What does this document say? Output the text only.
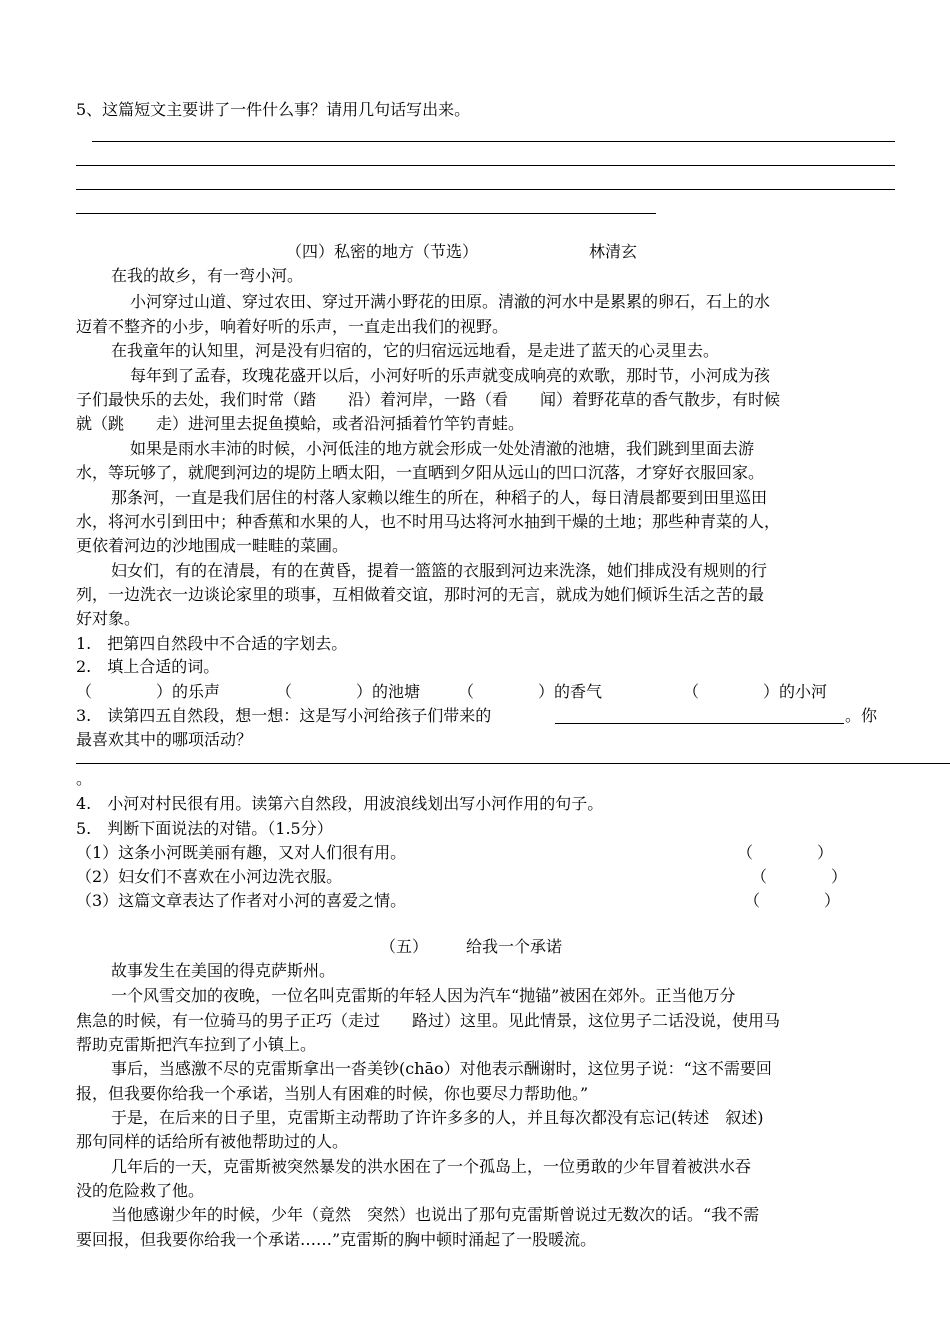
5、这篇短文主要讲了一件什么事？请用几句话写出来。
（四）私密的地方（节选）	林清玄
在我的故乡，有一弯小河。
小河穿过山道、穿过农田、穿过开满小野花的田原。清澈的河水中是累累的卵石，石上的水
迈着不整齐的小步，响着好听的乐声，一直走出我们的视野。
在我童年的认知里，河是没有归宿的，它的归宿远远地看，是走进了蓝天的心灵里去。
每年到了孟春，玫瑰花盛开以后，小河好听的乐声就变成响亮的欢歌，那时节，小河成为孩
子们最快乐的去处，我们时常（踏　　沿）着河岸，一路（看　　闻）着野花草的香气散步，有时候
就（跳　　走）进河里去捉鱼摸蛤，或者沿河插着竹竿钓青蛙。
如果是雨水丰沛的时候，小河低洼的地方就会形成一处处清澈的池塘，我们跳到里面去游
水，等玩够了，就爬到河边的堤防上晒太阳，一直晒到夕阳从远山的凹口沉落，才穿好衣服回家。
那条河，一直是我们居住的村落人家赖以维生的所在，种稻子的人，每日清晨都要到田里巡田
水，将河水引到田中；种香蕉和水果的人，也不时用马达将河水抽到干燥的土地；那些种青菜的人，
更依着河边的沙地围成一畦畦的菜圃。
妇女们，有的在清晨，有的在黄昏，提着一篮篮的衣服到河边来洗涤，她们排成没有规则的行
列，一边洗衣一边谈论家里的琐事，互相做着交谊，那时河的无言，就成为她们倾诉生活之苦的最
好对象。
1.　把第四自然段中不合适的字划去。
2.　填上合适的词。
（　　　　）的乐声	（　　　　）的池塘 （　　　　）的香气	（　　　　）的小河
3.　读第四五自然段，想一想：这是写小河给孩子们带来的	。你
最喜欢其中的哪项活动？
。
4.　小河对村民很有用。读第六自然段，用波浪线划出写小河作用的句子。
5.　判断下面说法的对错。（1.5分）
（1）这条小河既美丽有趣，又对人们很有用。	（　　　　）
（2）妇女们不喜欢在小河边洗衣服。	（　　　　）
（3）这篇文章表达了作者对小河的喜爱之情。	（　　　　）
（五） 给我一个承诺
故事发生在美国的得克萨斯州。
一个风雪交加的夜晚，一位名叫克雷斯的年轻人因为汽车“抛锚”被困在郊外。正当他万分
焦急的时候，有一位骑马的男子正巧（走过　　路过）这里。见此情景，这位男子二话没说，使用马
帮助克雷斯把汽车拉到了小镇上。
事后，当感激不尽的克雷斯拿出一沓美钞(chāo）对他表示酬谢时，这位男子说：“这不需要回
报，但我要你给我一个承诺，当别人有困难的时候，你也要尽力帮助他。”
于是，在后来的日子里，克雷斯主动帮助了许许多多的人，并且每次都没有忘记(转述　叙述)
那句同样的话给所有被他帮助过的人。
几年后的一天，克雷斯被突然暴发的洪水困在了一个孤岛上，一位勇敢的少年冒着被洪水吞
没的危险救了他。
当他感谢少年的时候，少年（竟然　突然）也说出了那句克雷斯曾说过无数次的话。“我不需
要回报，但我要你给我一个承诺……”克雷斯的胸中顿时涌起了一股暖流。
